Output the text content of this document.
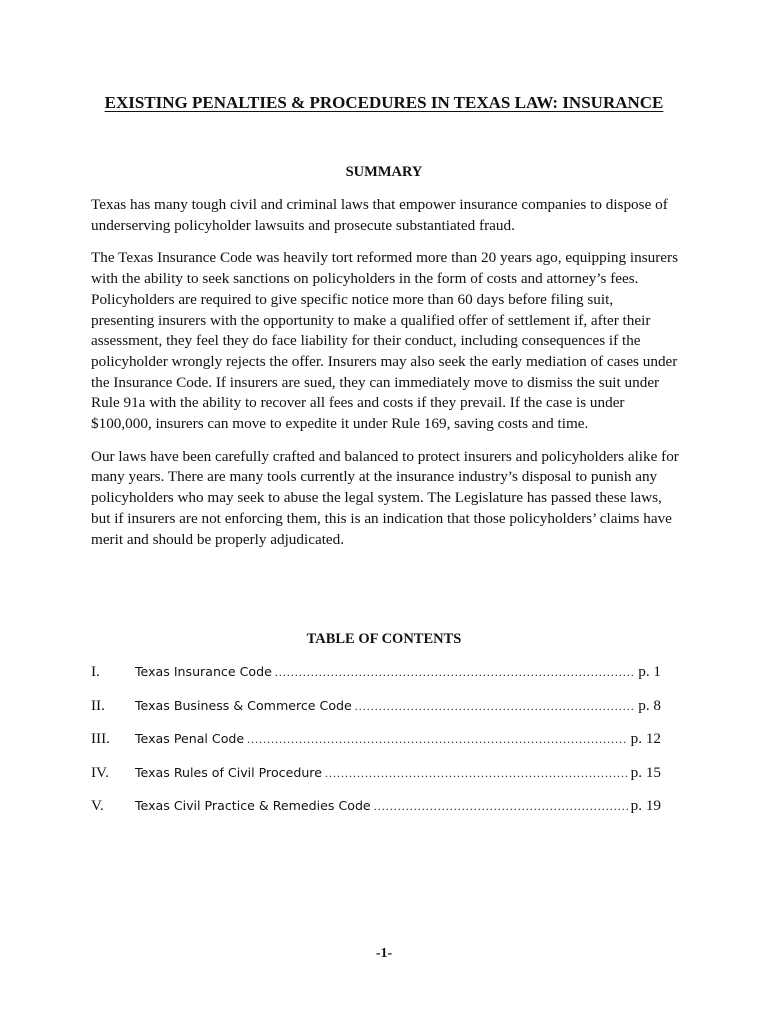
EXISTING PENALTIES & PROCEDURES IN TEXAS LAW: INSURANCE
SUMMARY

Texas has many tough civil and criminal laws that empower insurance companies to dispose of underserving policyholder lawsuits and prosecute substantiated fraud.

The Texas Insurance Code was heavily tort reformed more than 20 years ago, equipping insurers with the ability to seek sanctions on policyholders in the form of costs and attorney’s fees. Policyholders are required to give specific notice more than 60 days before filing suit, presenting insurers with the opportunity to make a qualified offer of settlement if, after their assessment, they feel they do face liability for their conduct, including consequences if the policyholder wrongly rejects the offer. Insurers may also seek the early mediation of cases under the Insurance Code. If insurers are sued, they can immediately move to dismiss the suit under Rule 91a with the ability to recover all fees and costs if they prevail. If the case is under $100,000, insurers can move to expedite it under Rule 169, saving costs and time.

Our laws have been carefully crafted and balanced to protect insurers and policyholders alike for many years. There are many tools currently at the insurance industry’s disposal to punish any policyholders who may seek to abuse the legal system. The Legislature has passed these laws, but if insurers are not enforcing them, this is an indication that those policyholders’ claims have merit and should be properly adjudicated.

TABLE OF CONTENTS
I.	Texas Insurance Code .....	p. 1
II.	Texas Business & Commerce Code .....	p. 8
III.	Texas Penal Code .....	p. 12
IV.	Texas Rules of Civil Procedure .....	p. 15
V.	Texas Civil Practice & Remedies Code .....	p. 19
-1-
